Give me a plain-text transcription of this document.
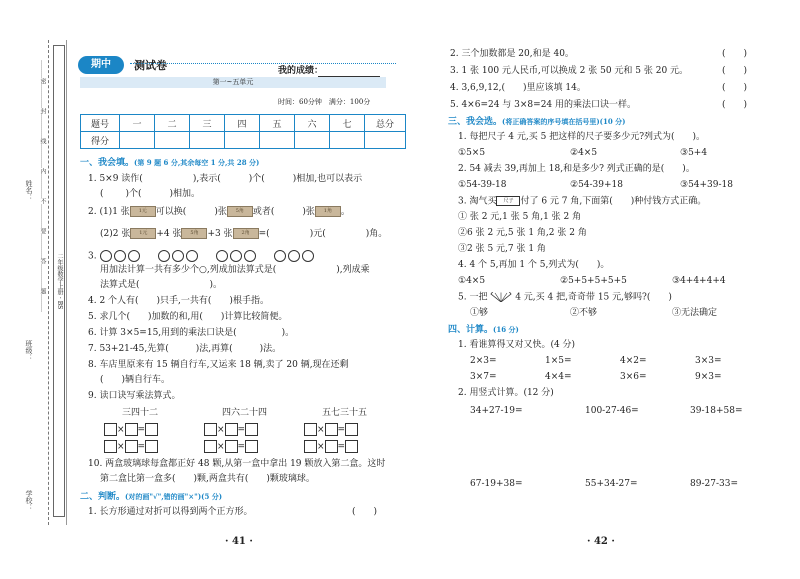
姓名：
班级：
学校：
………密…………封…………线…………内…………不…………要…………答…………题………	二年级数学上册 · BS
期中	测试卷	我的成绩：
第一~五单元
时间：60分钟　满分：100分
题号	一	二	三	四	五	六	七	总分
得分								
一、我会填。(第 9 题 6 分,其余每空 1 分,共 28 分)
1. 5×9 读作(	),表示(	)个(	)相加,也可以表示
( )个(	)相加。
2. (1)1 张 1元 可以换(	)张 5角 或者(	)张 1角 。
(2)2 张 1元 +4 张 5角 +3 张 2角 =(	)元(	)角。
3.
用加法计算一共有多少个○,列成加法算式是(	),列成乘
法算式是(	)。
4. 2 个人有(　　)只手,一共有(　　)根手指。
5. 求几个(　　)加数的和,用(　　)计算比较简便。
6. 计算 3×5=15,用到的乘法口诀是(　　　　　)。
7. 53+21-45,先算(　　　)法,再算(　　　)法。
8. 车店里原来有 15 辆自行车,又运来 18 辆,卖了 20 辆,现在还剩
(　　)辆自行车。
9. 读口诀写乘法算式。
三四十二	四六二十四	五七三十五
× =
× =
× =
× =
× =
× =
10. 两盒玻璃球每盒都正好 48 颗,从第一盒中拿出 19 颗放入第二盒。这时
第二盒比第一盒多(　　)颗,两盒共有(　　)颗玻璃球。
二、判断。(对的画"√",错的画"×")(5 分)
1. 长方形通过对折可以得到两个正方形。	(　　)
· 41 ·
2. 三个加数都是 20,和是 40。	(　　)
3. 1 张 100 元人民币,可以换成 2 张 50 元和 5 张 20 元。	(　　)
4. 3,6,9,12,(　　)里应该填 14。	(　　)
5. 4×6=24 与 3×8=24 用的乘法口诀一样。	(　　)
三、我会选。(将正确答案的序号填在括号里)(10 分)
1. 每把尺子 4 元,买 5 把这样的尺子要多少元?列式为(　　)。
①5×5	②4×5	③5+4
2. 54 减去 39,再加上 18,和是多少? 列式正确的是(　　)。
①54-39-18	②54-39+18	③54+39-18
3. 淘气买 尺子 付了 6 元 7 角,下面第(　　)种付钱方式正确。
① 张 2 元,1 张 5 角,1 张 2 角
②6 张 2 元,5 张 1 角,2 张 2 角
③2 张 5 元,7 张 1 角
4. 4 个 5,再加 1 个 5,列式为(　　)。
①4×5	②5+5+5+5+5	③4+4+4+4
5. 一把	4 元,买 4 把,奇奇带 15 元,够吗?(　　)
①够	②不够	③无法确定
四、计算。(16 分)
1. 看谁算得又对又快。(4 分)
2×3=	1×5=	4×2=	3×3=
3×7=	4×4=	3×6=	9×3=
2. 用竖式计算。(12 分)
34+27-19=	100-27-46=	39-18+58=
67-19+38=	55+34-27=	89-27-33=
· 42 ·
